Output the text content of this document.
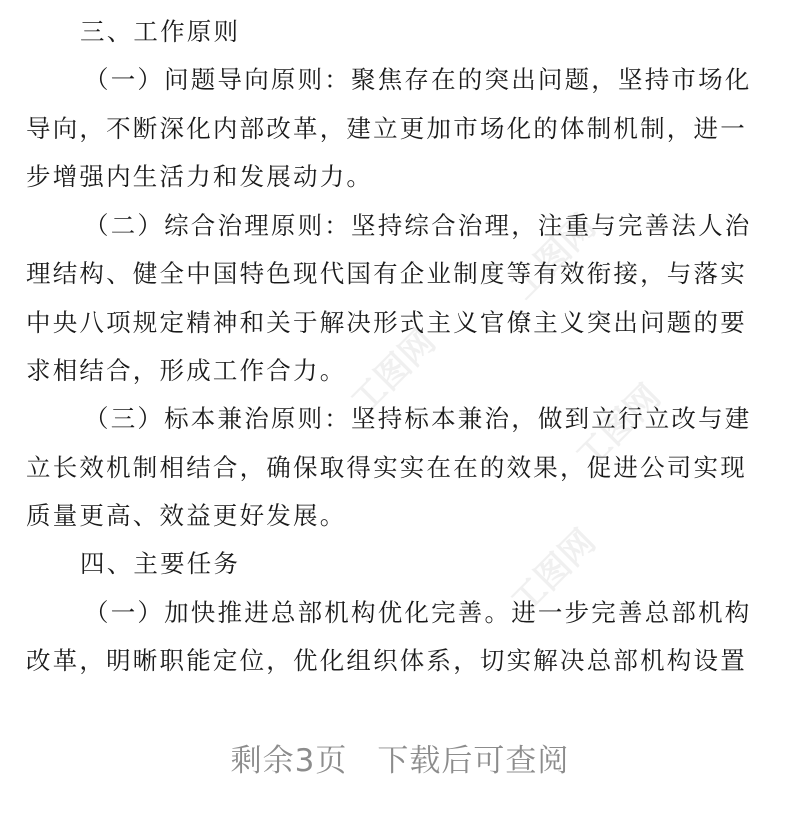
工图网
工图网
工图网
工图网
三、工作原则
（一）问题导向原则：聚焦存在的突出问题，坚持市场化
导向，不断深化内部改革，建立更加市场化的体制机制，进一
步增强内生活力和发展动力。
（二）综合治理原则：坚持综合治理，注重与完善法人治
理结构、健全中国特色现代国有企业制度等有效衔接，与落实
中央八项规定精神和关于解决形式主义官僚主义突出问题的要
求相结合，形成工作合力。
（三）标本兼治原则：坚持标本兼治，做到立行立改与建
立长效机制相结合，确保取得实实在在的效果，促进公司实现
质量更高、效益更好发展。
四、主要任务
（一）加快推进总部机构优化完善。进一步完善总部机构
改革，明晰职能定位，优化组织体系，切实解决总部机构设置
剩余3页 下载后可查阅
